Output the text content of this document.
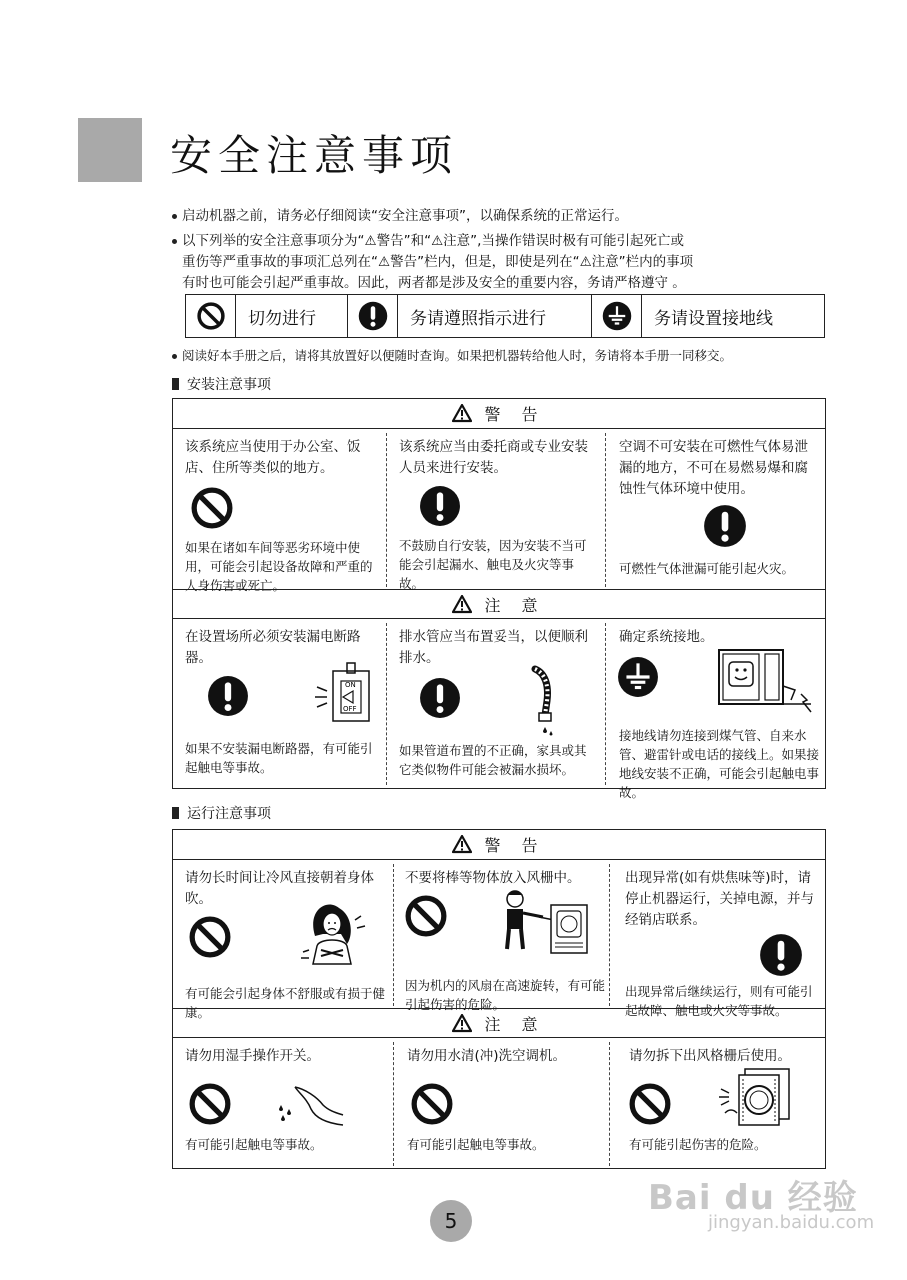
安全注意事项
启动机器之前，请务必仔细阅读“安全注意事项”，以确保系统的正常运行。
以下列举的安全注意事项分为“⚠警告”和“⚠注意”,当操作错误时极有可能引起死亡或
重伤等严重事故的事项汇总列在“⚠警告”栏内，但是，即使是列在“⚠注意”栏内的事项
有时也可能会引起严重事故。因此，两者都是涉及安全的重要内容，务请严格遵守 。
切勿进行	务请遵照指示进行	务请设置接地线
阅读好本手册之后，请将其放置好以便随时查询。如果把机器转给他人时，务请将本手册一同移交。
安装注意事项
警 告
该系统应当使用于办公室、饭店、住所等类似的地方。
如果在诸如车间等恶劣环境中使用，可能会引起设备故障和严重的人身伤害或死亡。
该系统应当由委托商或专业安装人员来进行安装。
不鼓励自行安装，因为安装不当可能会引起漏水、触电及火灾等事故。
空调不可安装在可燃性气体易泄漏的地方，不可在易燃易爆和腐蚀性气体环境中使用。
可燃性气体泄漏可能引起火灾。
注 意
在设置场所必须安装漏电断路器。
ON
OFF
如果不安装漏电断路器，有可能引起触电等事故。
排水管应当布置妥当，以便顺利排水。
如果管道布置的不正确，家具或其它类似物件可能会被漏水损坏。
确定系统接地。
接地线请勿连接到煤气管、自来水管、避雷针或电话的接线上。如果接地线安装不正确，可能会引起触电事故。
运行注意事项
警 告
请勿长时间让冷风直接朝着身体吹。
有可能会引起身体不舒服或有损于健康。
不要将棒等物体放入风栅中。
因为机内的风扇在高速旋转，有可能引起伤害的危险。
出现异常(如有烘焦味等)时，请停止机器运行，关掉电源，并与经销店联系。
出现异常后继续运行，则有可能引起故障、触电或火灾等事故。
注 意
请勿用湿手操作开关。
有可能引起触电等事故。
请勿用水清(冲)洗空调机。
有可能引起触电等事故。
请勿拆下出风格栅后使用。
有可能引起伤害的危险。
5
Bai du 经验
jingyan.baidu.com
